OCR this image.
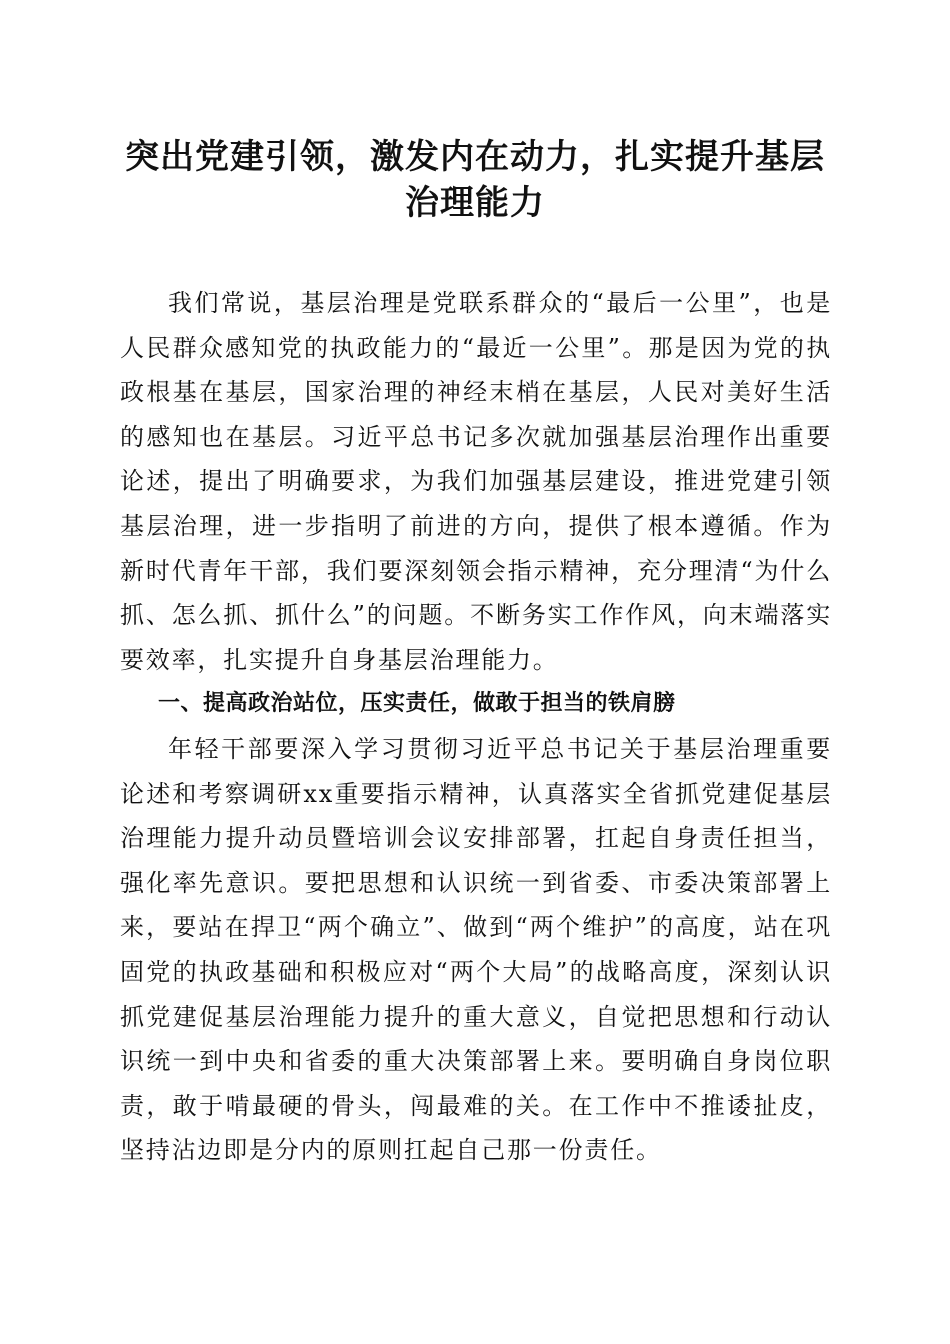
突出党建引领，激发内在动力，扎实提升基层
治理能力

我们常说，基层治理是党联系群众的“最后一公里”，也是人民群众感知党的执政能力的“最近一公里”。那是因为党的执政根基在基层，国家治理的神经末梢在基层，人民对美好生活的感知也在基层。习近平总书记多次就加强基层治理作出重要论述，提出了明确要求，为我们加强基层建设，推进党建引领基层治理，进一步指明了前进的方向，提供了根本遵循。作为新时代青年干部，我们要深刻领会指示精神，充分理清“为什么抓、怎么抓、抓什么”的问题。不断务实工作作风，向末端落实要效率，扎实提升自身基层治理能力。

一、提高政治站位，压实责任，做敢于担当的铁肩膀

年轻干部要深入学习贯彻习近平总书记关于基层治理重要论述和考察调研xx重要指示精神，认真落实全省抓党建促基层治理能力提升动员暨培训会议安排部署，扛起自身责任担当，强化率先意识。要把思想和认识统一到省委、市委决策部署上来，要站在捍卫“两个确立”、做到“两个维护”的高度，站在巩固党的执政基础和积极应对“两个大局”的战略高度，深刻认识抓党建促基层治理能力提升的重大意义，自觉把思想和行动认识统一到中央和省委的重大决策部署上来。要明确自身岗位职责，敢于啃最硬的骨头，闯最难的关。在工作中不推诿扯皮，坚持沾边即是分内的原则扛起自己那一份责任。
